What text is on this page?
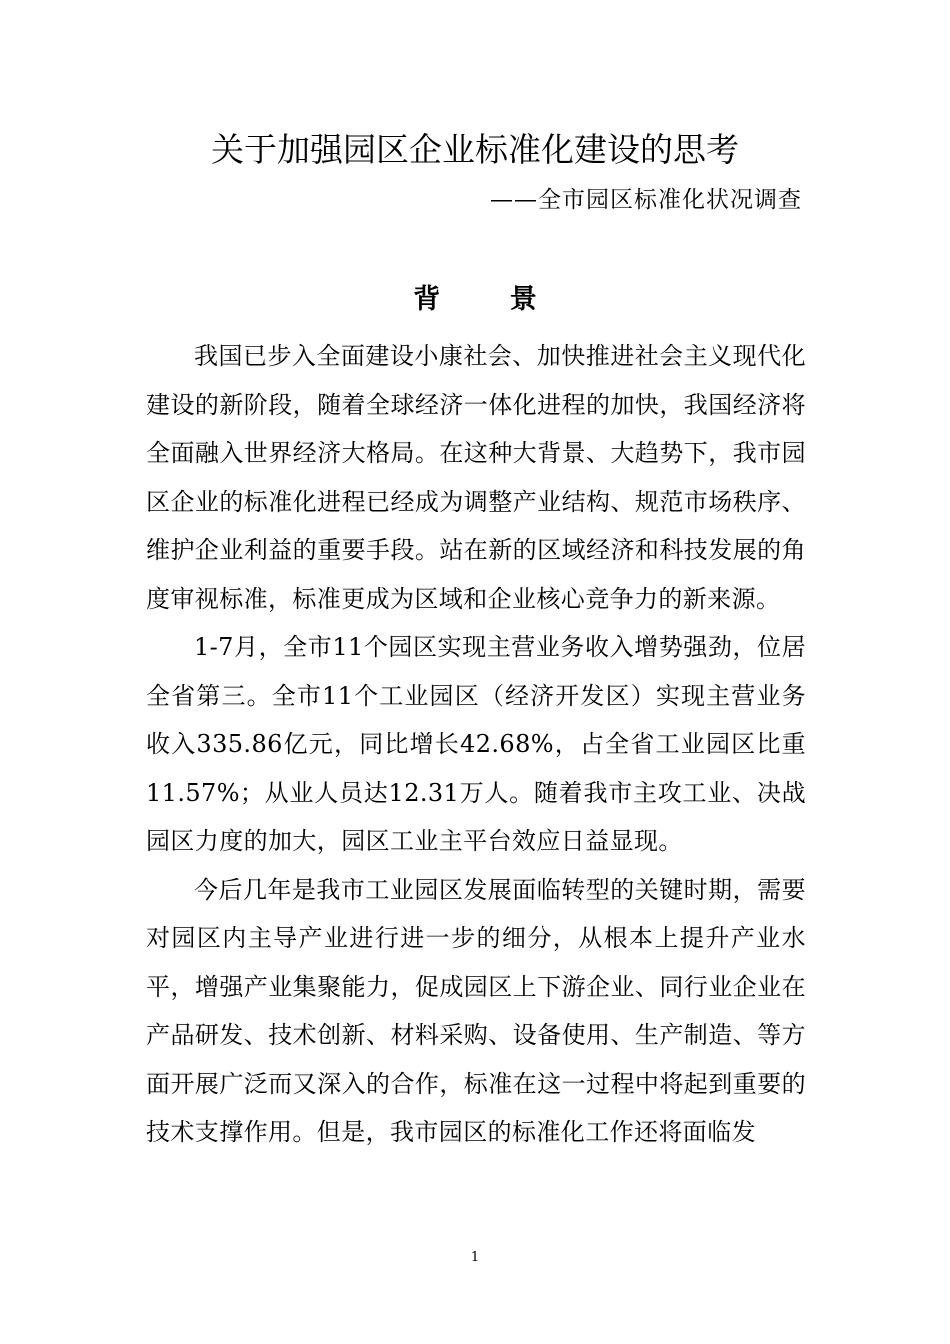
关于加强园区企业标准化建设的思考
——全市园区标准化状况调查
背 景

我国已步入全面建设小康社会、加快推进社会主义现代化建设的新阶段，随着全球经济一体化进程的加快，我国经济将全面融入世界经济大格局。在这种大背景、大趋势下，我市园区企业的标准化进程已经成为调整产业结构、规范市场秩序、维护企业利益的重要手段。站在新的区域经济和科技发展的角度审视标准，标准更成为区域和企业核心竞争力的新来源。

1-7月，全市11个园区实现主营业务收入增势强劲，位居全省第三。全市11个工业园区（经济开发区）实现主营业务收入335.86亿元，同比增长42.68%，占全省工业园区比重11.57%；从业人员达12.31万人。随着我市主攻工业、决战园区力度的加大，园区工业主平台效应日益显现。

今后几年是我市工业园区发展面临转型的关键时期，需要对园区内主导产业进行进一步的细分，从根本上提升产业水平，增强产业集聚能力，促成园区上下游企业、同行业企业在产品研发、技术创新、材料采购、设备使用、生产制造、等方面开展广泛而又深入的合作，标准在这一过程中将起到重要的技术支撑作用。但是，我市园区的标准化工作还将面临发

1
